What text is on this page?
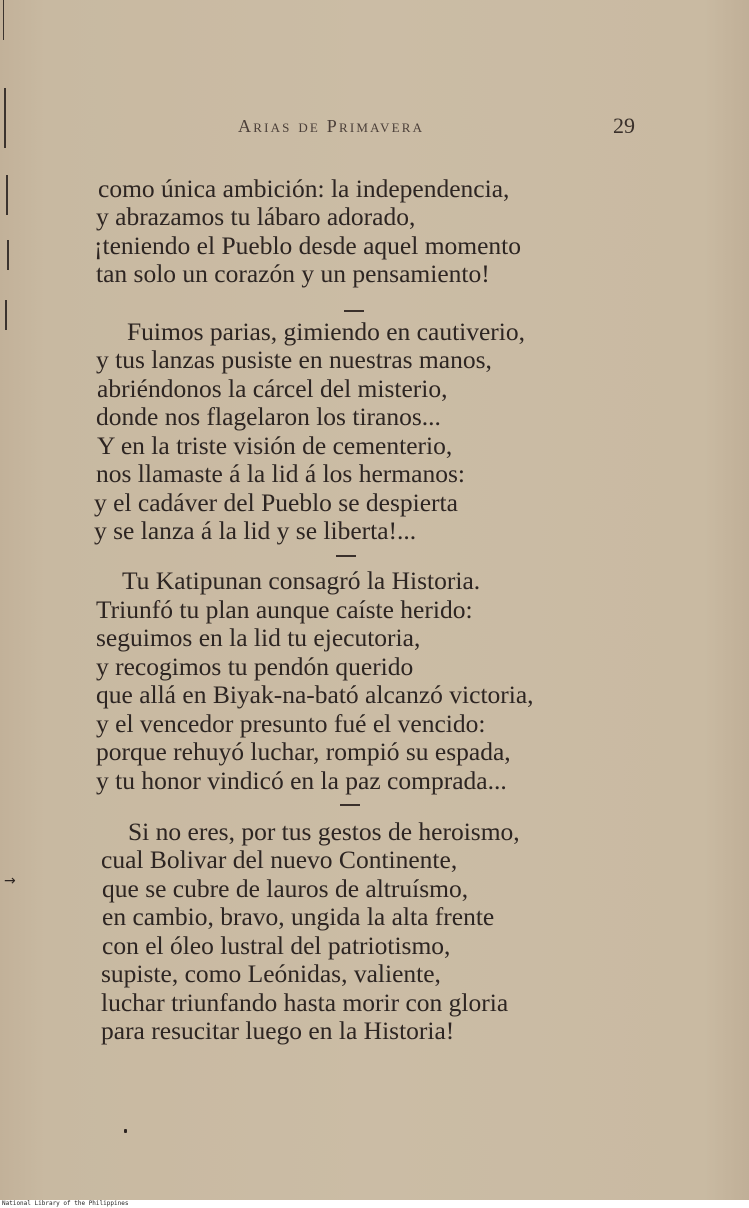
→
Arias de Primavera	29
como única ambición: la independencia,
y abrazamos tu lábaro adorado,
¡teniendo el Pueblo desde aquel momento
tan solo un corazón y un pensamiento!
Fuimos parias, gimiendo en cautiverio,
y tus lanzas pusiste en nuestras manos,
abriéndonos la cárcel del misterio,
donde nos flagelaron los tiranos...
Y en la triste visión de cementerio,
nos llamaste á la lid á los hermanos:
y el cadáver del Pueblo se despierta
y se lanza á la lid y se liberta!...
Tu Katipunan consagró la Historia.
Triunfó tu plan aunque caíste herido:
seguimos en la lid tu ejecutoria,
y recogimos tu pendón querido
que allá en Biyak-na-bató alcanzó victoria,
y el vencedor presunto fué el vencido:
porque rehuyó luchar, rompió su espada,
y tu honor vindicó en la paz comprada...
Si no eres, por tus gestos de heroismo,
cual Bolivar del nuevo Continente,
que se cubre de lauros de altruísmo,
en cambio, bravo, ungida la alta frente
con el óleo lustral del patriotismo,
supiste, como Leónidas, valiente,
luchar triunfando hasta morir con gloria
para resucitar luego en la Historia!
National Library of the Philippines
